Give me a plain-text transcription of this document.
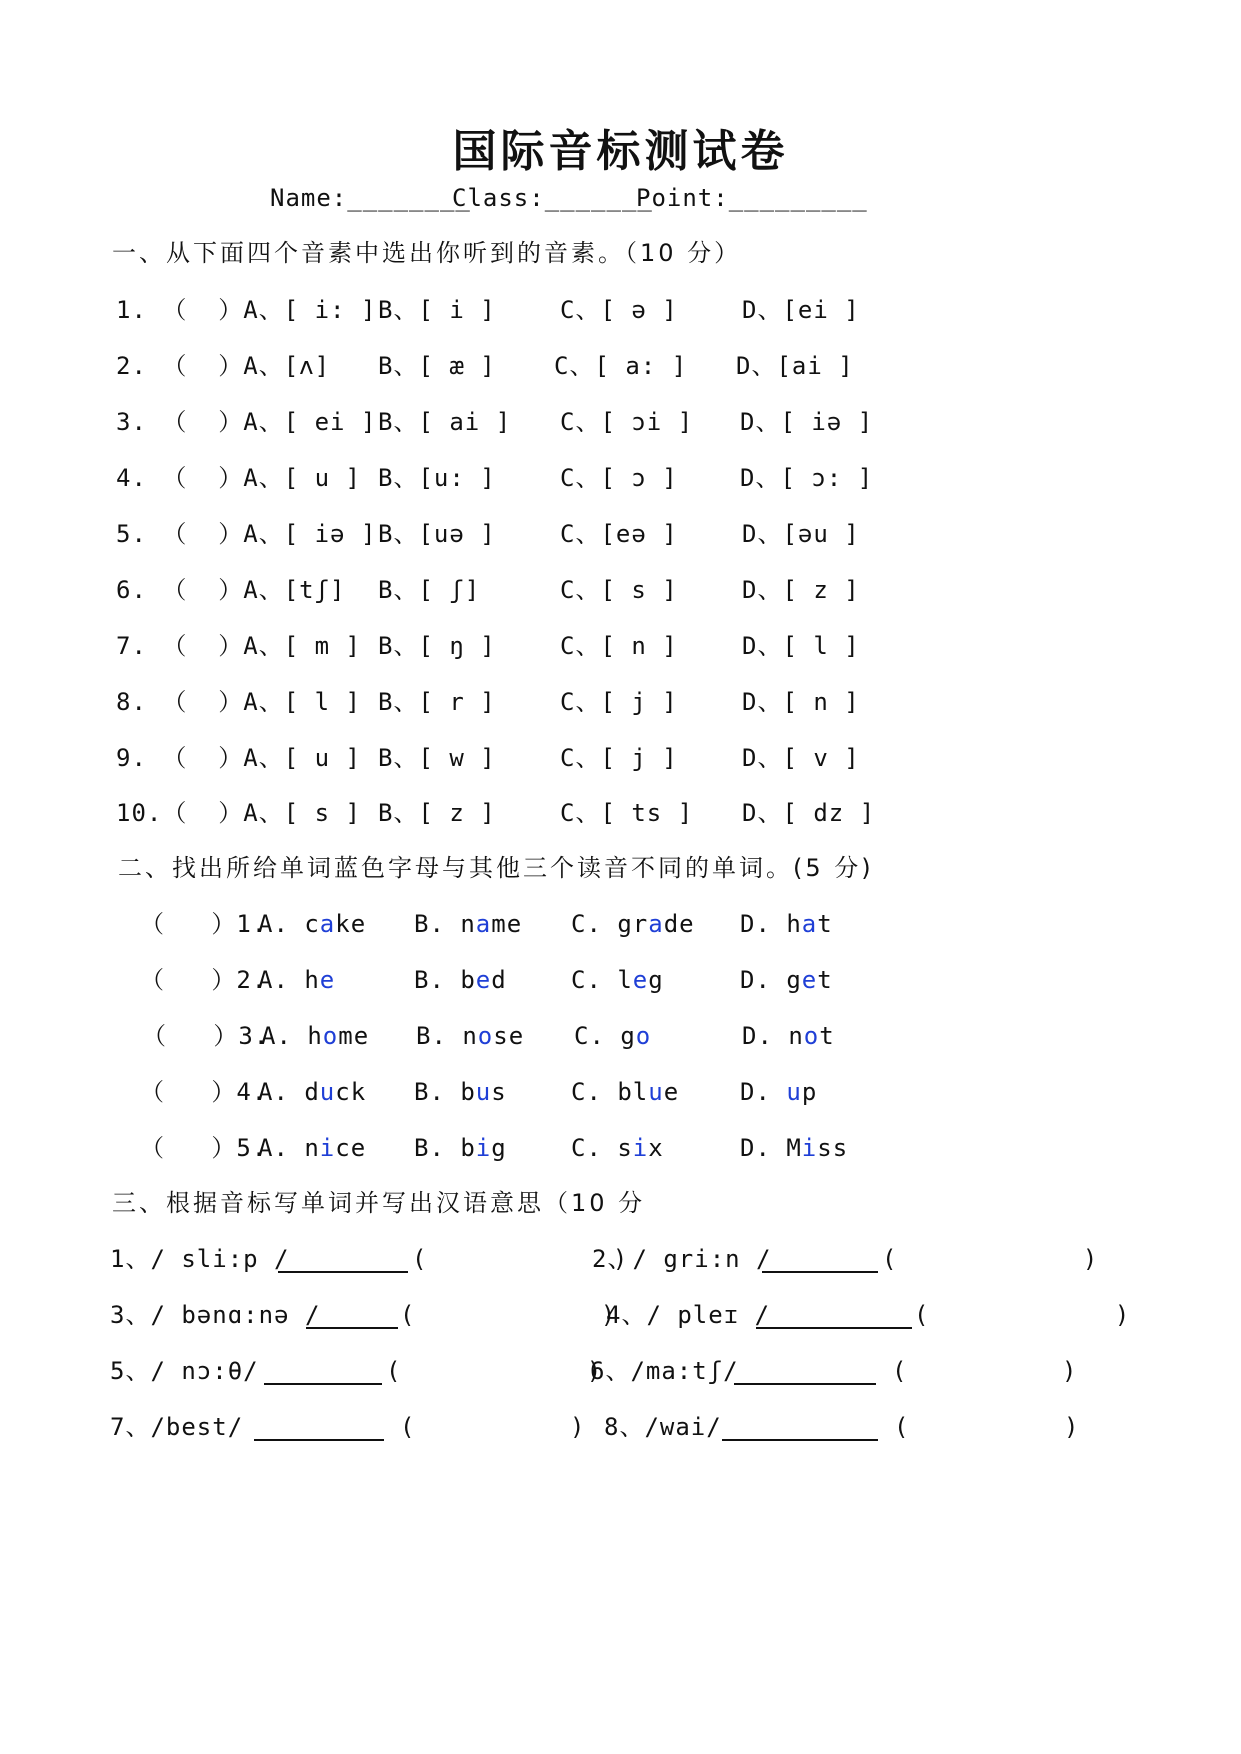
国际音标测试卷
Name:________
Class:_______
Point:_________
一、从下面四个音素中选出你听到的音素。（10 分）
1. （  ）A、[ i: ] B、[ i ]	C、[ ə ]	D、[ei ]
2. （  ）A、[ʌ] B、[ æ ] C、[ a: ] D、[ai ]
3. （  ）A、[ ei ] B、[ ai ] C、[ ɔi ] D、[ iə ]
4. （  ）A、[ u ] B、[u: ]	C、[ ɔ ]	D、[ ɔ: ]
5. （  ）A、[ iə ] B、[uə ]	C、[eə ]	D、[əu ]
6. （  ）A、[tʃ] B、[ ʃ]	C、[ s ]	D、[ z ]
7. （  ）A、[ m ] B、[ ŋ ]	C、[ n ]	D、[ l ]
8. （  ）A、[ l ] B、[ r ]	C、[ j ]	D、[ n ]
9. （  ）A、[ u ] B、[ w ]	C、[ j ]	D、[ v ]
10.（  ）A、[ s ] B、[ z ]	C、[ ts ] D、[ dz ]
二、找出所给单词蓝色字母与其他三个读音不同的单词。(5 分)
（   ）1.
A. cake B. name C. grade D. hat
（   ）2.
A. he	B. bed	C. leg	D. get
（   ）3.
A. home B. nose C. go	D. not
（   ）4.
A. duck B. bus	C. blue	D. up
（   ）5.
A. nice B. big	C. six	D. Miss
三、根据音标写单词并写出汉语意思（10 分
1、/ sli:p /	(            )
2、/ gri:n /	(            )
3、/ bənɑ:nə /	(            )
4、/ pleɪ /	(            )
5、/ nɔ:θ/	(            )
6、/ma:tʃ/	(          )
7、/best/	(          ) 8、/wai/	(          )
